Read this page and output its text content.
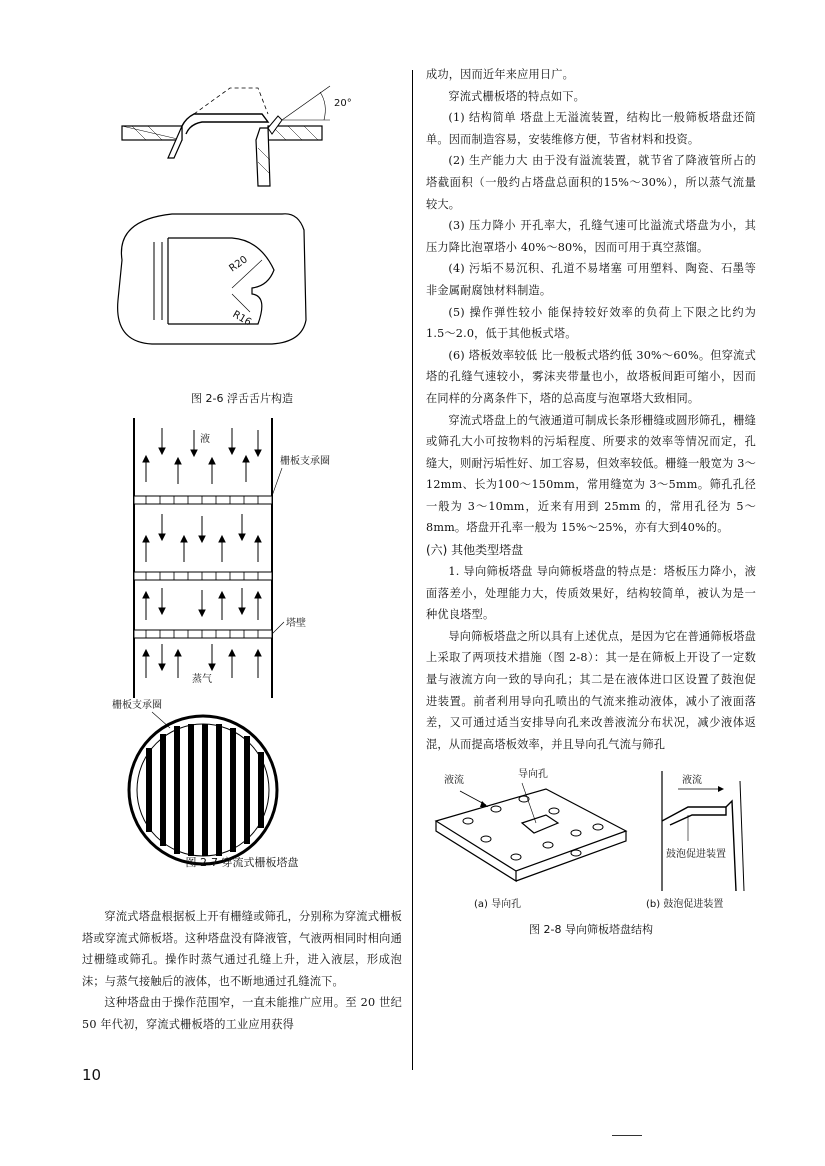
20°
R20
R16
图 2-6 浮舌舌片构造
液
栅板支承圈
塔壁
蒸气
栅板支承圈
图 2-7 穿流式栅板塔盘

穿流式塔盘根据板上开有栅缝或筛孔，分别称为穿流式栅板塔或穿流式筛板塔。这种塔盘没有降液管，气液两相同时相向通过栅缝或筛孔。操作时蒸气通过孔缝上升，进入液层，形成泡沫；与蒸气接触后的液体，也不断地通过孔缝流下。

这种塔盘由于操作范围窄，一直未能推广应用。至 20 世纪 50 年代初，穿流式栅板塔的工业应用获得

成功，因而近年来应用日广。

穿流式栅板塔的特点如下。

(1) 结构简单 塔盘上无溢流装置，结构比一般筛板塔盘还简单。因而制造容易，安装维修方便，节省材料和投资。

(2) 生产能力大 由于没有溢流装置，就节省了降液管所占的塔截面积（一般约占塔盘总面积的15%～30%），所以蒸气流量较大。

(3) 压力降小 开孔率大，孔缝气速可比溢流式塔盘为小，其压力降比泡罩塔小 40%～80%，因而可用于真空蒸馏。

(4) 污垢不易沉积、孔道不易堵塞 可用塑料、陶瓷、石墨等非金属耐腐蚀材料制造。

(5) 操作弹性较小 能保持较好效率的负荷上下限之比约为 1.5～2.0，低于其他板式塔。

(6) 塔板效率较低 比一般板式塔约低 30%～60%。但穿流式塔的孔缝气速较小，雾沫夹带量也小，故塔板间距可缩小，因而在同样的分离条件下，塔的总高度与泡罩塔大致相同。

穿流式塔盘上的气液通道可制成长条形栅缝或圆形筛孔，栅缝或筛孔大小可按物料的污垢程度、所要求的效率等情况而定，孔缝大，则耐污垢性好、加工容易，但效率较低。栅缝一般宽为 3～12mm、长为100～150mm，常用缝宽为 3～5mm。筛孔孔径一般为 3～10mm，近来有用到 25mm 的，常用孔径为 5～8mm。塔盘开孔率一般为 15%～25%，亦有大到40%的。

(六) 其他类型塔盘

1. 导向筛板塔盘 导向筛板塔盘的特点是：塔板压力降小，液面落差小，处理能力大，传质效果好，结构较简单，被认为是一种优良塔型。

导向筛板塔盘之所以具有上述优点，是因为它在普通筛板塔盘上采取了两项技术措施（图 2-8）：其一是在筛板上开设了一定数量与液流方向一致的导向孔；其二是在液体进口区设置了鼓泡促进装置。前者利用导向孔喷出的气流来推动液体，减小了液面落差，又可通过适当安排导向孔来改善液流分布状况，减少液体返混，从而提高塔板效率，并且导向孔气流与筛孔

液流
导向孔
液流
鼓泡促进装置
(a) 导向孔	(b) 鼓泡促进装置
图 2-8 导向筛板塔盘结构
10
